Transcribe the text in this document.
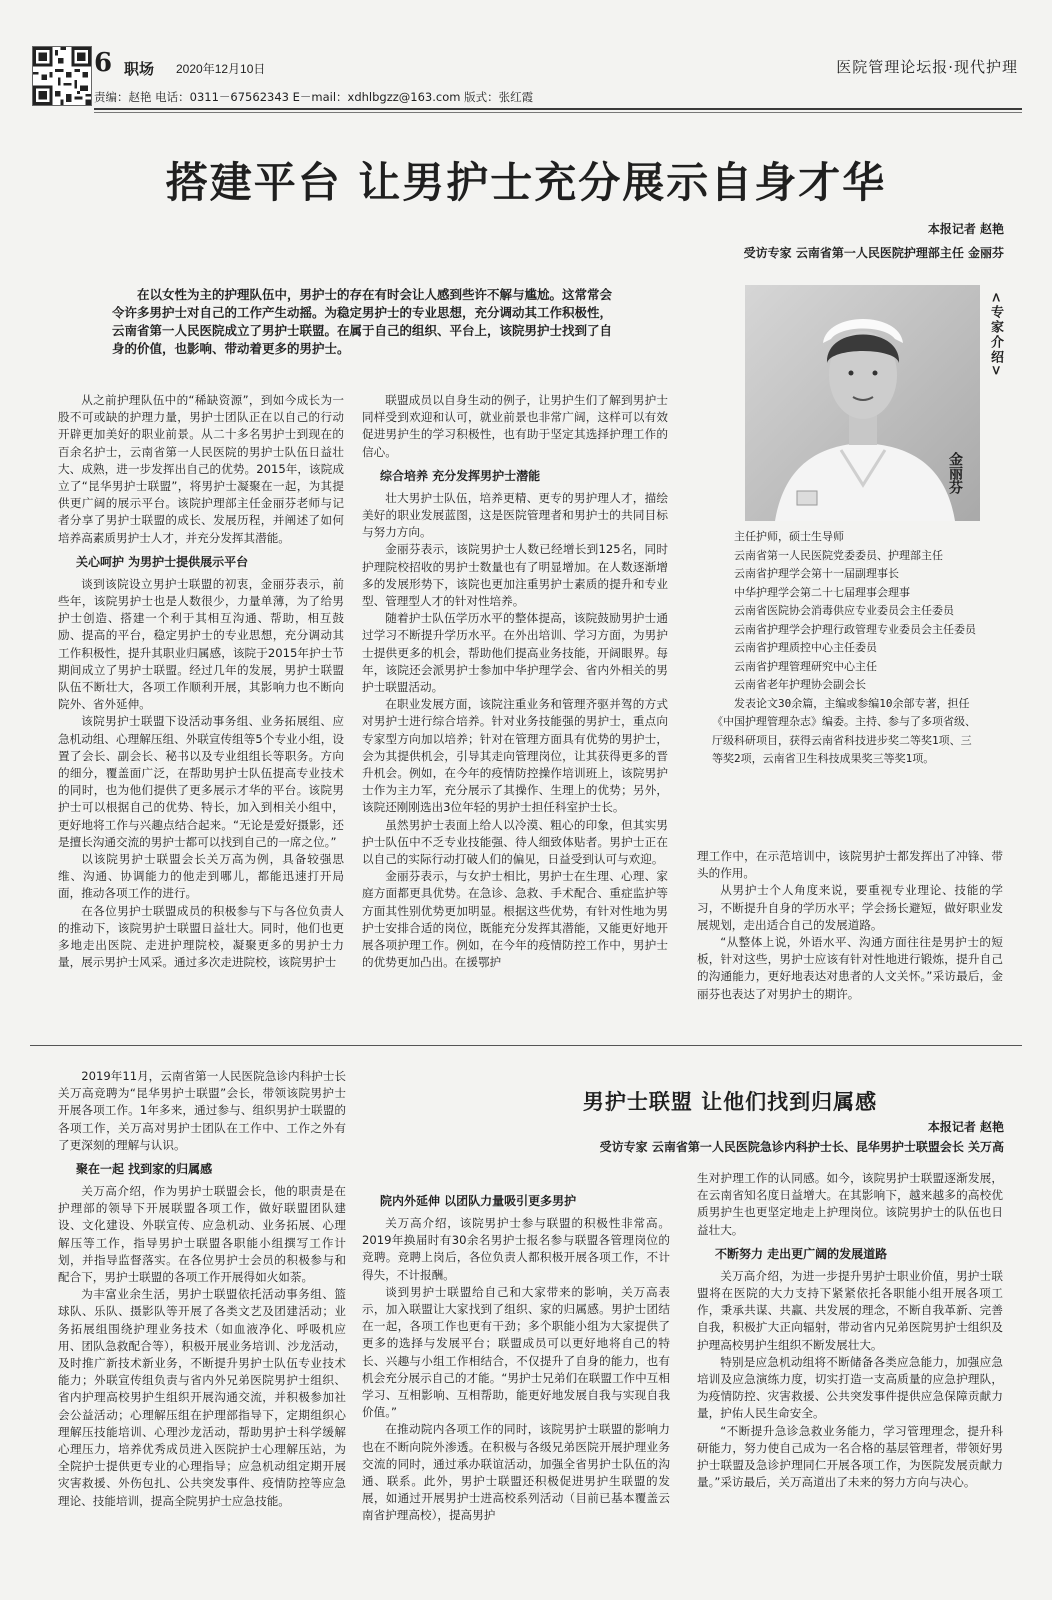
6 职场 2020年12月10日	医院管理论坛报·现代护理
责编：赵艳 电话：0311－67562343 E－mail：xdhlbgzz@163.com 版式：张红霞
搭建平台 让男护士充分展示自身才华
本报记者 赵艳
受访专家 云南省第一人民医院护理部主任 金丽芬
在以女性为主的护理队伍中，男护士的存在有时会让人感到些许不解与尴尬。这常常会令许多男护士对自己的工作产生动摇。为稳定男护士的专业思想，充分调动其工作积极性，云南省第一人民医院成立了男护士联盟。在属于自己的组织、平台上，该院男护士找到了自身的价值，也影响、带动着更多的男护士。
金丽芬
<专家介绍>
主任护师，硕士生导师
云南省第一人民医院党委委员、护理部主任
云南省护理学会第十一届副理事长
中华护理学会第二十七届理事会理事
云南省医院协会消毒供应专业委员会主任委员
云南省护理学会护理行政管理专业委员会主任委员
云南省护理质控中心主任委员
云南省护理管理研究中心主任
云南省老年护理协会副会长
发表论文30余篇，主编或参编10余部专著，担任《中国护理管理杂志》编委。主持、参与了多项省级、厅级科研项目，获得云南省科技进步奖二等奖1项、三等奖2项，云南省卫生科技成果奖三等奖1项。

从之前护理队伍中的“稀缺资源”，到如今成长为一股不可或缺的护理力量，男护士团队正在以自己的行动开辟更加美好的职业前景。从二十多名男护士到现在的百余名护士，云南省第一人民医院的男护士队伍日益壮大、成熟，进一步发挥出自己的优势。2015年，该院成立了“昆华男护士联盟”，将男护士凝聚在一起，为其提供更广阔的展示平台。该院护理部主任金丽芬老师与记者分享了男护士联盟的成长、发展历程，并阐述了如何培养高素质男护士人才，并充分发挥其潜能。

关心呵护 为男护士提供展示平台

谈到该院设立男护士联盟的初衷，金丽芬表示，前些年，该院男护士也是人数很少，力量单薄，为了给男护士创造、搭建一个利于其相互沟通、帮助，相互鼓励、提高的平台，稳定男护士的专业思想，充分调动其工作积极性，提升其职业归属感，该院于2015年护士节期间成立了男护士联盟。经过几年的发展，男护士联盟队伍不断壮大，各项工作顺利开展，其影响力也不断向院外、省外延伸。

该院男护士联盟下设活动事务组、业务拓展组、应急机动组、心理解压组、外联宣传组等5个专业小组，设置了会长、副会长、秘书以及专业组组长等职务。方向的细分，覆盖面广泛，在帮助男护士队伍提高专业技术的同时，也为他们提供了更多展示才华的平台。该院男护士可以根据自己的优势、特长，加入到相关小组中，更好地将工作与兴趣点结合起来。“无论是爱好摄影，还是擅长沟通交流的男护士都可以找到自己的一席之位。”

以该院男护士联盟会长关万高为例，具备较强思维、沟通、协调能力的他走到哪儿，都能迅速打开局面，推动各项工作的进行。

在各位男护士联盟成员的积极参与下与各位负责人的推动下，该院男护士联盟日益壮大。同时，他们也更多地走出医院、走进护理院校，凝聚更多的男护士力量，展示男护士风采。通过多次走进院校，该院男护士

联盟成员以自身生动的例子，让男护生们了解到男护士同样受到欢迎和认可，就业前景也非常广阔，这样可以有效促进男护生的学习积极性，也有助于坚定其选择护理工作的信心。

综合培养 充分发挥男护士潜能

壮大男护士队伍，培养更精、更专的男护理人才，描绘美好的职业发展蓝图，这是医院管理者和男护士的共同目标与努力方向。

金丽芬表示，该院男护士人数已经增长到125名，同时护理院校招收的男护士数量也有了明显增加。在人数逐渐增多的发展形势下，该院也更加注重男护士素质的提升和专业型、管理型人才的针对性培养。

随着护士队伍学历水平的整体提高，该院鼓励男护士通过学习不断提升学历水平。在外出培训、学习方面，为男护士提供更多的机会，帮助他们提高业务技能，开阔眼界。每年，该院还会派男护士参加中华护理学会、省内外相关的男护士联盟活动。

在职业发展方面，该院注重业务和管理齐驱并驾的方式对男护士进行综合培养。针对业务技能强的男护士，重点向专家型方向加以培养；针对在管理方面具有优势的男护士，会为其提供机会，引导其走向管理岗位，让其获得更多的晋升机会。例如，在今年的疫情防控操作培训班上，该院男护士作为主力军，充分展示了其操作、生理上的优势；另外，该院还刚刚选出3位年轻的男护士担任科室护士长。

虽然男护士表面上给人以冷漠、粗心的印象，但其实男护士队伍中不乏专业技能强、待人细致体贴者。男护士正在以自己的实际行动打破人们的偏见，日益受到认可与欢迎。

金丽芬表示，与女护士相比，男护士在生理、心理、家庭方面都更具优势。在急诊、急救、手术配合、重症监护等方面其性别优势更加明显。根据这些优势，有针对性地为男护士安排合适的岗位，既能充分发挥其潜能，又能更好地开展各项护理工作。例如，在今年的疫情防控工作中，男护士的优势更加凸出。在援鄂护

理工作中，在示范培训中，该院男护士都发挥出了冲锋、带头的作用。

从男护士个人角度来说，要重视专业理论、技能的学习，不断提升自身的学历水平；学会扬长避短，做好职业发展规划，走出适合自己的发展道路。

“从整体上说，外语水平、沟通方面往往是男护士的短板，针对这些，男护士应该有针对性地进行锻炼，提升自己的沟通能力，更好地表达对患者的人文关怀。”采访最后，金丽芬也表达了对男护士的期许。

男护士联盟 让他们找到归属感
本报记者 赵艳
受访专家 云南省第一人民医院急诊内科护士长、昆华男护士联盟会长 关万高

2019年11月，云南省第一人民医院急诊内科护士长关万高竞聘为“昆华男护士联盟”会长，带领该院男护士开展各项工作。1年多来，通过参与、组织男护士联盟的各项工作，关万高对男护士团队在工作中、工作之外有了更深刻的理解与认识。

聚在一起 找到家的归属感

关万高介绍，作为男护士联盟会长，他的职责是在护理部的领导下开展联盟各项工作，做好联盟团队建设、文化建设、外联宣传、应急机动、业务拓展、心理解压等工作，指导男护士联盟各职能小组撰写工作计划，并指导监督落实。在各位男护士会员的积极参与和配合下，男护士联盟的各项工作开展得如火如荼。

为丰富业余生活，男护士联盟依托活动事务组、篮球队、乐队、摄影队等开展了各类文艺及团建活动；业务拓展组围绕护理业务技术（如血液净化、呼吸机应用、团队急救配合等），积极开展业务培训、沙龙活动，及时推广新技术新业务，不断提升男护士队伍专业技术能力；外联宣传组负责与省内外兄弟医院男护士组织、省内护理高校男护生组织开展沟通交流，并积极参加社会公益活动；心理解压组在护理部指导下，定期组织心理解压技能培训、心理沙龙活动，帮助男护士科学缓解心理压力，培养优秀成员进入医院护士心理解压站，为全院护士提供更专业的心理指导；应急机动组定期开展灾害救援、外伤包扎、公共突发事件、疫情防控等应急理论、技能培训，提高全院男护士应急技能。

院内外延伸 以团队力量吸引更多男护

关万高介绍，该院男护士参与联盟的积极性非常高。2019年换届时有30余名男护士报名参与联盟各管理岗位的竞聘。竞聘上岗后，各位负责人都积极开展各项工作，不计得失，不计报酬。

谈到男护士联盟给自己和大家带来的影响，关万高表示，加入联盟让大家找到了组织、家的归属感。男护士团结在一起，各项工作也更有干劲；多个职能小组为大家提供了更多的选择与发展平台；联盟成员可以更好地将自己的特长、兴趣与小组工作相结合，不仅提升了自身的能力，也有机会充分展示自己的才能。“男护士兄弟们在联盟工作中互相学习、互相影响、互相帮助，能更好地发展自我与实现自我价值。”

在推动院内各项工作的同时，该院男护士联盟的影响力也在不断向院外渗透。在积极与各级兄弟医院开展护理业务交流的同时，通过承办联谊活动，加强全省男护士队伍的沟通、联系。此外，男护士联盟还积极促进男护生联盟的发展，如通过开展男护士进高校系列活动（目前已基本覆盖云南省护理高校），提高男护

生对护理工作的认同感。如今，该院男护士联盟逐渐发展，在云南省知名度日益增大。在其影响下，越来越多的高校优质男护生也更坚定地走上护理岗位。该院男护士的队伍也日益壮大。

不断努力 走出更广阔的发展道路

关万高介绍，为进一步提升男护士职业价值，男护士联盟将在医院的大力支持下紧紧依托各职能小组开展各项工作，秉承共谋、共赢、共发展的理念，不断自我革新、完善自我，积极扩大正向辐射，带动省内兄弟医院男护士组织及护理高校男护生组织不断发展壮大。

特别是应急机动组将不断储备各类应急能力，加强应急培训及应急演练力度，切实打造一支高质量的应急护理队，为疫情防控、灾害救援、公共突发事件提供应急保障贡献力量，护佑人民生命安全。

“不断提升急诊急救业务能力，学习管理理念，提升科研能力，努力使自己成为一名合格的基层管理者，带领好男护士联盟及急诊护理同仁开展各项工作，为医院发展贡献力量。”采访最后，关万高道出了未来的努力方向与决心。
